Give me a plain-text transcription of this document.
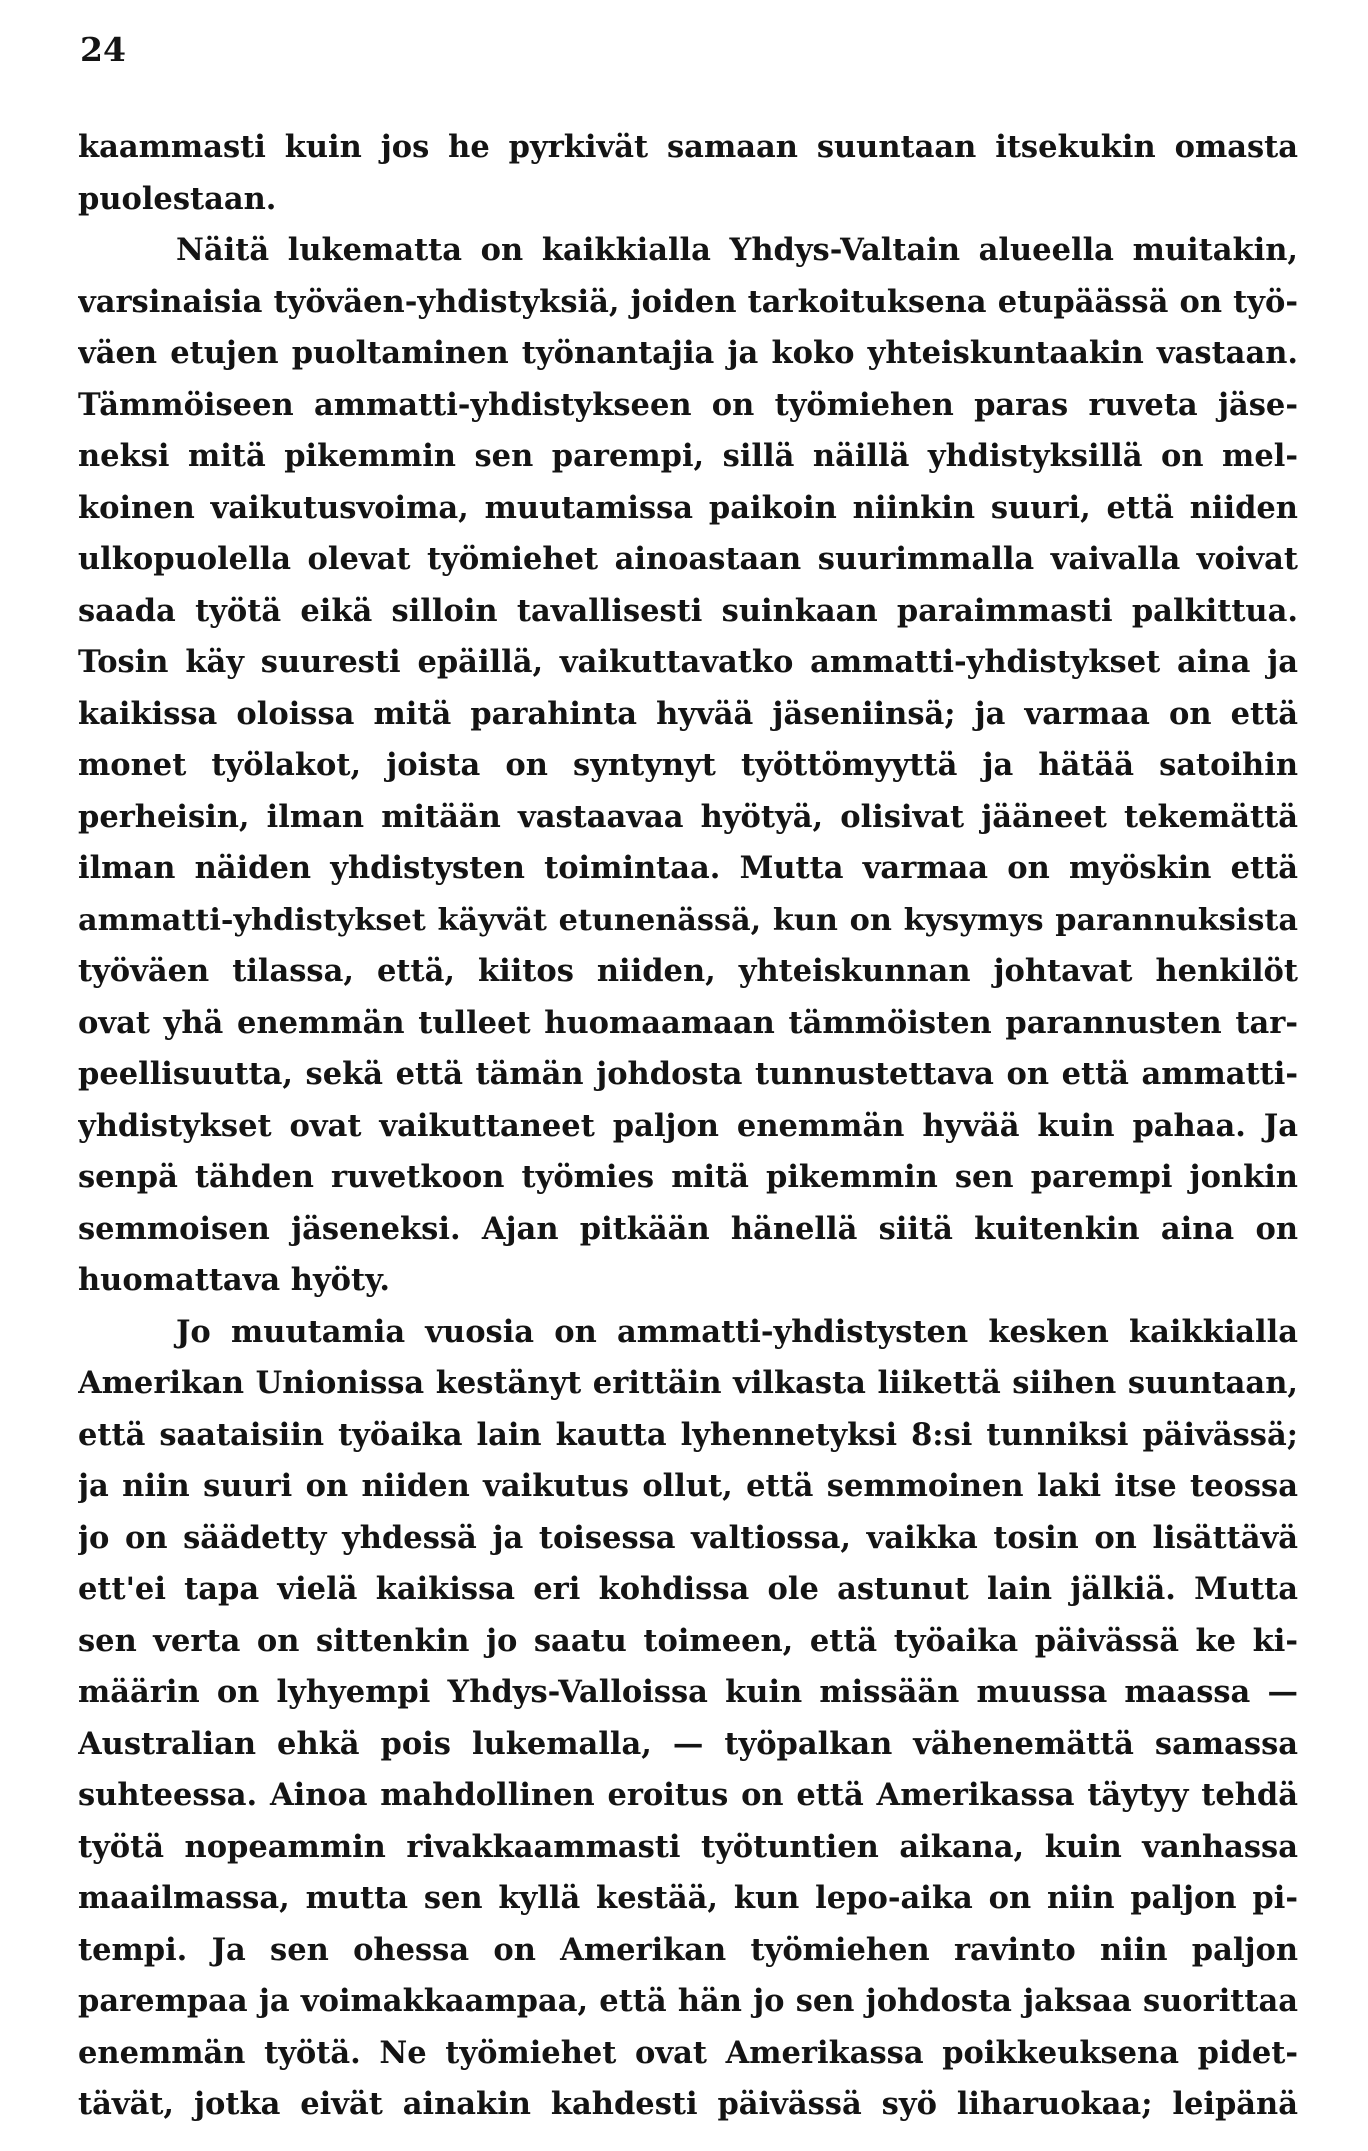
24
kaammasti kuin jos he pyrkivät samaan suuntaan itsekukin omasta
puolestaan.
Näitä lukematta on kaikkialla Yhdys-Valtain alueella muitakin,
varsinaisia työväen-yhdistyksiä, joiden tarkoituksena etupäässä on työ-
väen etujen puoltaminen työnantajia ja koko yhteiskuntaakin vastaan.
Tämmöiseen ammatti-yhdistykseen on työmiehen paras ruveta jäse-
neksi mitä pikemmin sen parempi, sillä näillä yhdistyksillä on mel-
koinen vaikutusvoima, muutamissa paikoin niinkin suuri, että niiden
ulkopuolella olevat työmiehet ainoastaan suurimmalla vaivalla voivat
saada työtä eikä silloin tavallisesti suinkaan paraimmasti palkittua.
Tosin käy suuresti epäillä, vaikuttavatko ammatti-yhdistykset aina ja
kaikissa oloissa mitä parahinta hyvää jäseniinsä; ja varmaa on että
monet työlakot, joista on syntynyt työttömyyttä ja hätää satoihin
perheisin, ilman mitään vastaavaa hyötyä, olisivat jääneet tekemättä
ilman näiden yhdistysten toimintaa. Mutta varmaa on myöskin että
ammatti-yhdistykset käyvät etunenässä, kun on kysymys parannuksista
työväen tilassa, että, kiitos niiden, yhteiskunnan johtavat henkilöt
ovat yhä enemmän tulleet huomaamaan tämmöisten parannusten tar-
peellisuutta, sekä että tämän johdosta tunnustettava on että ammatti-
yhdistykset ovat vaikuttaneet paljon enemmän hyvää kuin pahaa. Ja
senpä tähden ruvetkoon työmies mitä pikemmin sen parempi jonkin
semmoisen jäseneksi. Ajan pitkään hänellä siitä kuitenkin aina on
huomattava hyöty.
Jo muutamia vuosia on ammatti-yhdistysten kesken kaikkialla
Amerikan Unionissa kestänyt erittäin vilkasta liikettä siihen suuntaan,
että saataisiin työaika lain kautta lyhennetyksi 8:si tunniksi päivässä;
ja niin suuri on niiden vaikutus ollut, että semmoinen laki itse teossa
jo on säädetty yhdessä ja toisessa valtiossa, vaikka tosin on lisättävä
ett'ei tapa vielä kaikissa eri kohdissa ole astunut lain jälkiä. Mutta
sen verta on sittenkin jo saatu toimeen, että työaika päivässä ke ki-
määrin on lyhyempi Yhdys-Valloissa kuin missään muussa maassa —
Australian ehkä pois lukemalla, — työpalkan vähenemättä samassa
suhteessa. Ainoa mahdollinen eroitus on että Amerikassa täytyy tehdä
työtä nopeammin rivakkaammasti työtuntien aikana, kuin vanhassa
maailmassa, mutta sen kyllä kestää, kun lepo-aika on niin paljon pi-
tempi. Ja sen ohessa on Amerikan työmiehen ravinto niin paljon
parempaa ja voimakkaampaa, että hän jo sen johdosta jaksaa suorittaa
enemmän työtä. Ne työmiehet ovat Amerikassa poikkeuksena pidet-
tävät, jotka eivät ainakin kahdesti päivässä syö liharuokaa; leipänä
